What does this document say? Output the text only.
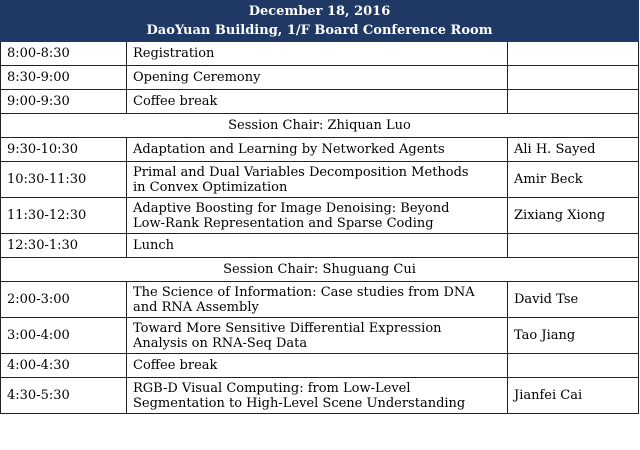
December 18, 2016
DaoYuan Building, 1/F Board Conference Room		

8:00-8:30	Registration	

8:30-9:00	Opening Ceremony	

9:00-9:30	Coffee break	

Session Chair: Zhiquan Luo		
9:30-10:30	Adaptation and Learning by Networked Agents	Ali H. Sayed
10:30-11:30	Primal and Dual Variables Decomposition Methods
in Convex Optimization	Amir Beck
11:30-12:30	Adaptive Boosting for Image Denoising: Beyond
Low-Rank Representation and Sparse Coding	Zixiang Xiong
12:30-1:30	Lunch	

Session Chair: Shuguang Cui		
2:00-3:00	The Science of Information: Case studies from DNA
and RNA Assembly	David Tse
3:00-4:00	Toward More Sensitive Differential Expression
Analysis on RNA-Seq Data	Tao Jiang
4:00-4:30	Coffee break	

4:30-5:30	RGB-D Visual Computing: from Low-Level
Segmentation to High-Level Scene Understanding	Jianfei Cai
